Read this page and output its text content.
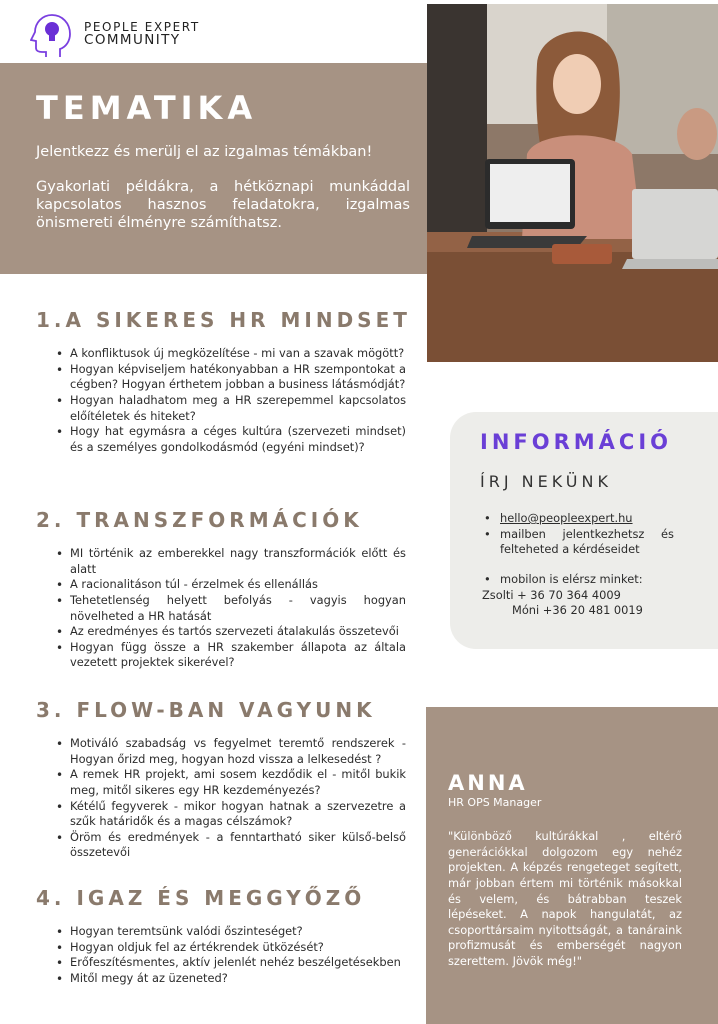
PEOPLE EXPERT
COMMUNITY
TEMATIKA

Jelentkezz és merülj el az izgalmas témákban!

Gyakorlati példákra, a hétköznapi munkáddal kapcsolatos hasznos feladatokra, izgalmas önismereti élményre számíthatsz.

1.A SIKERES HR MINDSET
• A konfliktusok új megközelítése - mi van a szavak mögött?
• Hogyan képviseljem hatékonyabban a HR szempontokat a cégben? Hogyan érthetem jobban a business látásmódját?
• Hogyan haladhatom meg a HR szerepemmel kapcsolatos előítéletek és hiteket?
• Hogy hat egymásra a céges kultúra (szervezeti mindset) és a személyes gondolkodásmód (egyéni mindset)?
2. TRANSZFORMÁCIÓK
• MI történik az emberekkel nagy transzformációk előtt és alatt
• A racionalitáson túl - érzelmek és ellenállás
• Tehetetlenség helyett befolyás - vagyis hogyan növelheted a HR hatását
• Az eredményes és tartós szervezeti átalakulás összetevői
• Hogyan függ össze a HR szakember állapota az általa vezetett projektek sikerével?
3. FLOW-BAN VAGYUNK
• Motiváló szabadság vs fegyelmet teremtő rendszerek - Hogyan őrizd meg, hogyan hozd vissza a lelkesedést ?
• A remek HR projekt, ami sosem kezdődik el - mitől bukik meg, mitől sikeres egy HR kezdeményezés?
• Kétélű fegyverek - mikor hogyan hatnak a szervezetre a szűk határidők és a magas célszámok?
• Öröm és eredmények - a fenntartható siker külső-belső összetevői
4. IGAZ ÉS MEGGYŐZŐ
• Hogyan teremtsünk valódi őszinteséget?
• Hogyan oldjuk fel az értékrendek ütközését?
• Erőfeszítésmentes, aktív jelenlét nehéz beszélgetésekben
• Mitől megy át az üzeneted?
INFORMÁCIÓ
ÍRJ NEKÜNK
• hello@peopleexpert.hu
• mailben jelentkezhetsz és felteheted a kérdéseidet
• mobilon is elérsz minket:
Zsolti + 36 70 364 4009
Móni +36 20 481 0019
ANNA
HR OPS Manager

"Különböző kultúrákkal , eltérő generációkkal dolgozom egy nehéz projekten. A képzés rengeteget segített, már jobban értem mi történik másokkal és velem, és bátrabban teszek lépéseket. A napok hangulatát, az csoporttársaim nyitottságát, a tanáraink profizmusát és emberségét nagyon szerettem. Jövök még!"
